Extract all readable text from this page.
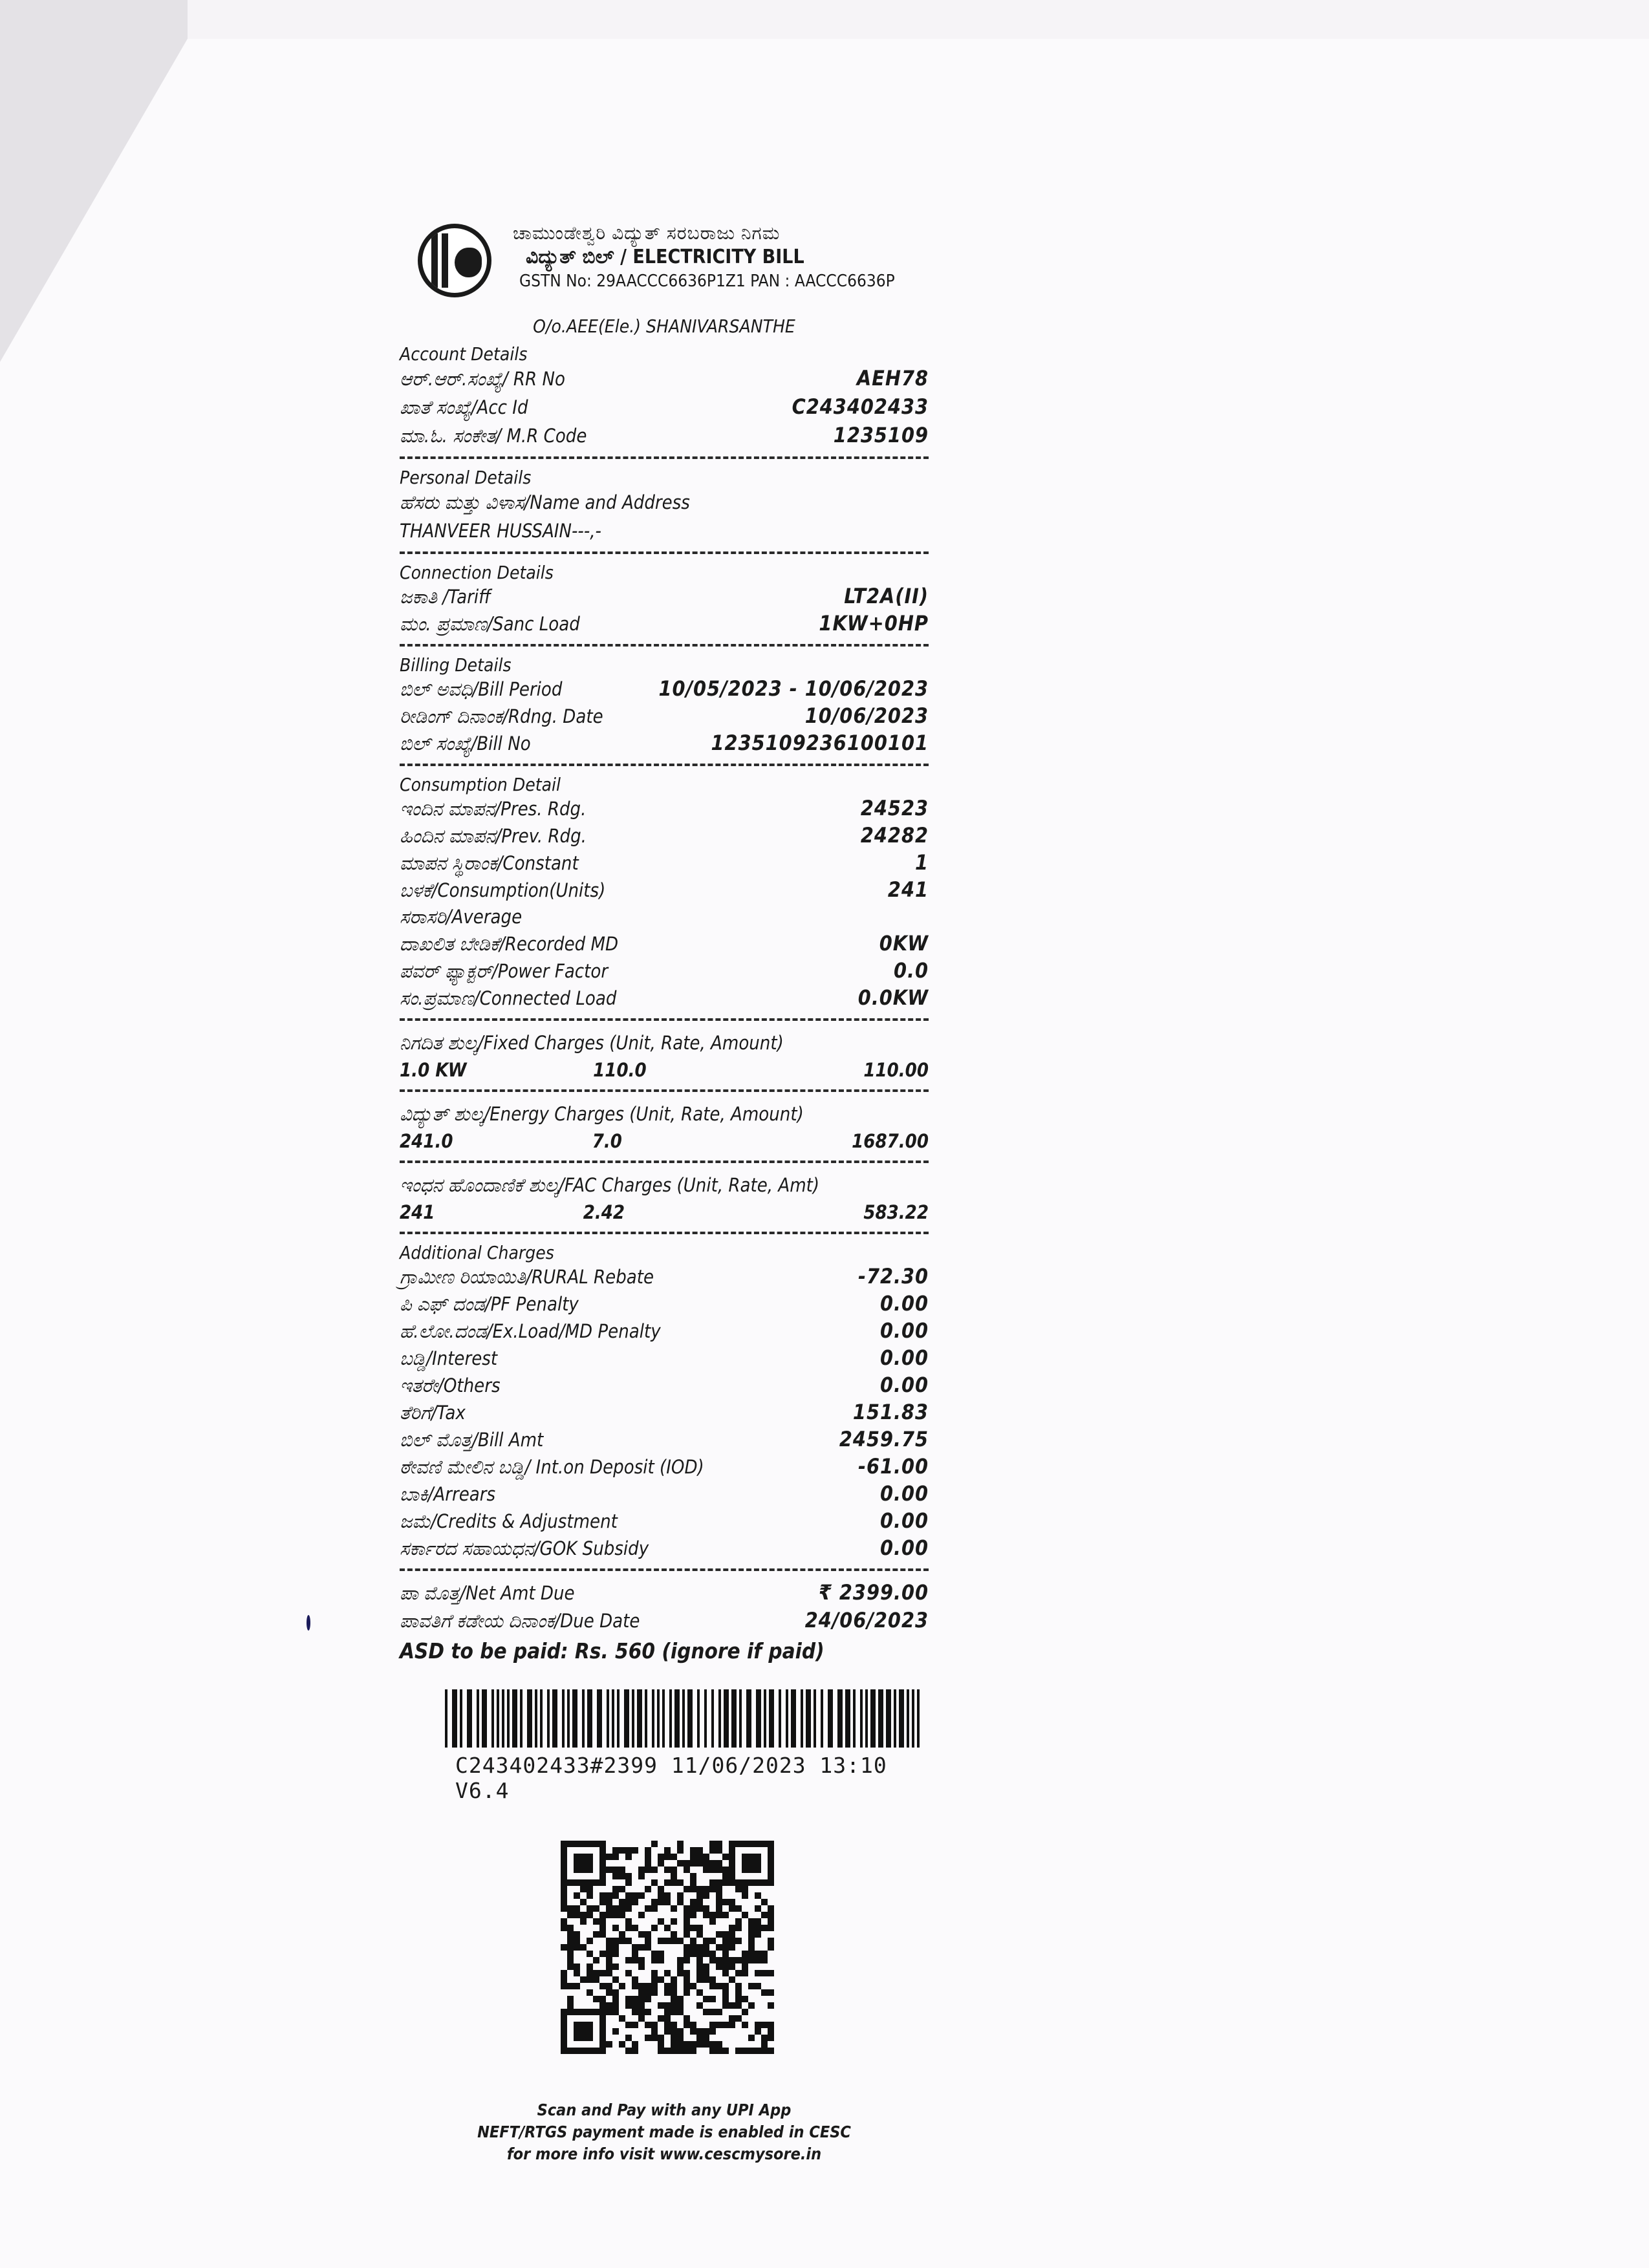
ಚಾಮುಂಡೇಶ್ವರಿ ವಿದ್ಯುತ್ ಸರಬರಾಜು ನಿಗಮ
ವಿದ್ಯುತ್ ಬಿಲ್ / ELECTRICITY BILL
GSTN No: 29AACCC6636P1Z1 PAN : AACCC6636P
O/o.AEE(Ele.) SHANIVARSANTHE
Account Details
ಆರ್.ಆರ್.ಸಂಖ್ಯೆ/ RR No	AEH78
ಖಾತೆ ಸಂಖ್ಯೆ/Acc Id	C243402433
ಮಾ.ಓ. ಸಂಕೇತ/ M.R Code	1235109
Personal Details
ಹೆಸರು ಮತ್ತು ವಿಳಾಸ/Name and Address
THANVEER HUSSAIN---,-
Connection Details
ಜಕಾತಿ /Tariff	LT2A(II)
ಮಂ. ಪ್ರಮಾಣ/Sanc Load	1KW+0HP
Billing Details
ಬಿಲ್ ಅವಧಿ/Bill Period	10/05/2023 - 10/06/2023
ರೀಡಿಂಗ್ ದಿನಾಂಕ/Rdng. Date	10/06/2023
ಬಿಲ್ ಸಂಖ್ಯೆ/Bill No	1235109236100101
Consumption Detail
ಇಂದಿನ ಮಾಪನ/Pres. Rdg.	24523
ಹಿಂದಿನ ಮಾಪನ/Prev. Rdg.	24282
ಮಾಪನ ಸ್ಥಿರಾಂಕ/Constant	1
ಬಳಕೆ/Consumption(Units)	241
ಸರಾಸರಿ/Average
ದಾಖಲಿತ ಬೇಡಿಕೆ/Recorded MD	0KW
ಪವರ್ ಫ್ಯಾಕ್ಟರ್/Power Factor	0.0
ಸಂ.ಪ್ರಮಾಣ/Connected Load	0.0KW
ನಿಗದಿತ ಶುಲ್ಕ/Fixed Charges (Unit, Rate, Amount)
1.0 KW	110.0	110.00
ವಿದ್ಯುತ್ ಶುಲ್ಕ/Energy Charges (Unit, Rate, Amount)
241.0	7.0	1687.00
ಇಂಧನ ಹೊಂದಾಣಿಕೆ ಶುಲ್ಕ/FAC Charges (Unit, Rate, Amt)
241	2.42	583.22
Additional Charges
ಗ್ರಾಮೀಣ ರಿಯಾಯಿತಿ/RURAL Rebate	-72.30
ಪಿ ಎಫ್ ದಂಡ/PF Penalty	0.00
ಹೆ.ಲೋ.ದಂಡ/Ex.Load/MD Penalty	0.00
ಬಡ್ಡಿ/Interest	0.00
ಇತರೇ/Others	0.00
ತೆರಿಗೆ/Tax	151.83
ಬಿಲ್ ಮೊತ್ತ/Bill Amt	2459.75
ಠೇವಣಿ ಮೇಲಿನ ಬಡ್ಡಿ/ Int.on Deposit (IOD)	-61.00
ಬಾಕಿ/Arrears	0.00
ಜಮೆ/Credits & Adjustment	0.00
ಸರ್ಕಾರದ ಸಹಾಯಧನ/GOK Subsidy	0.00
ಪಾ ಮೊತ್ತ/Net Amt Due	₹ 2399.00
ಪಾವತಿಗೆ ಕಡೇಯ ದಿನಾಂಕ/Due Date	24/06/2023
ASD to be paid: Rs. 560 (ignore if paid)
C243402433#2399 11/06/2023 13:10 V6.4
Scan and Pay with any UPI App
NEFT/RTGS payment made is enabled in CESC
for more info visit www.cescmysore.in
